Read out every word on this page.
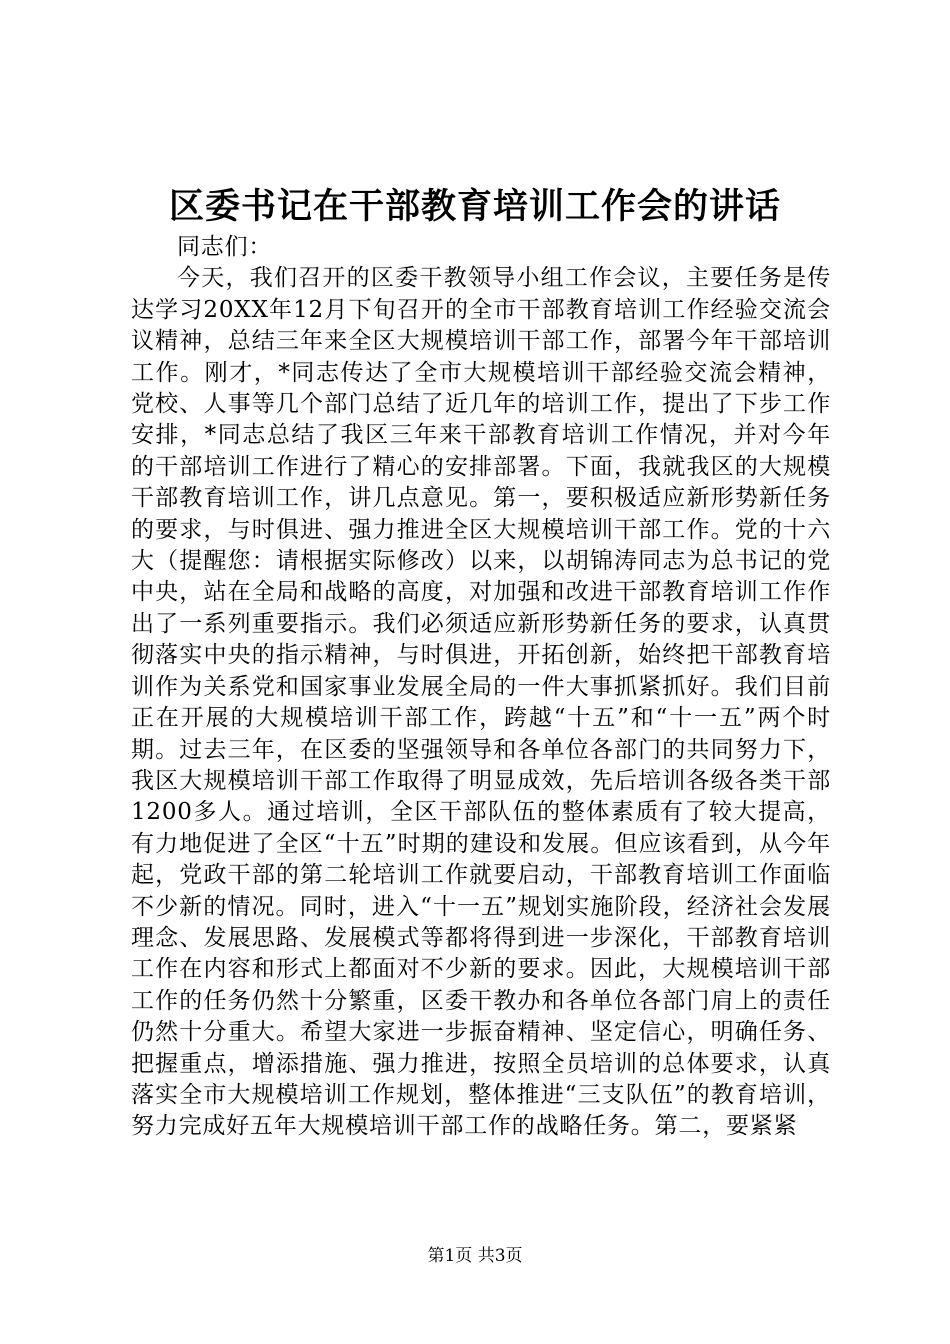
区委书记在干部教育培训工作会的讲话
同志们：
今天，我们召开的区委干教领导小组工作会议，主要任务是传达学习20XX年12月下旬召开的全市干部教育培训工作经验交流会议精神，总结三年来全区大规模培训干部工作，部署今年干部培训工作。刚才，*同志传达了全市大规模培训干部经验交流会精神，党校、人事等几个部门总结了近几年的培训工作，提出了下步工作安排，*同志总结了我区三年来干部教育培训工作情况，并对今年的干部培训工作进行了精心的安排部署。下面，我就我区的大规模干部教育培训工作，讲几点意见。第一，要积极适应新形势新任务的要求，与时俱进、强力推进全区大规模培训干部工作。党的十六大（提醒您：请根据实际修改）以来，以胡锦涛同志为总书记的党中央，站在全局和战略的高度，对加强和改进干部教育培训工作作出了一系列重要指示。我们必须适应新形势新任务的要求，认真贯彻落实中央的指示精神，与时俱进，开拓创新，始终把干部教育培训作为关系党和国家事业发展全局的一件大事抓紧抓好。我们目前正在开展的大规模培训干部工作，跨越“十五”和“十一五”两个时期。过去三年，在区委的坚强领导和各单位各部门的共同努力下，我区大规模培训干部工作取得了明显成效，先后培训各级各类干部1200多人。通过培训，全区干部队伍的整体素质有了较大提高，有力地促进了全区“十五”时期的建设和发展。但应该看到，从今年起，党政干部的第二轮培训工作就要启动，干部教育培训工作面临不少新的情况。同时，进入“十一五”规划实施阶段，经济社会发展理念、发展思路、发展模式等都将得到进一步深化，干部教育培训工作在内容和形式上都面对不少新的要求。因此，大规模培训干部工作的任务仍然十分繁重，区委干教办和各单位各部门肩上的责任仍然十分重大。希望大家进一步振奋精神、坚定信心，明确任务、把握重点，增添措施、强力推进，按照全员培训的总体要求，认真落实全市大规模培训工作规划，整体推进“三支队伍”的教育培训，努力完成好五年大规模培训干部工作的战略任务。第二，要紧紧
第1页 共3页
